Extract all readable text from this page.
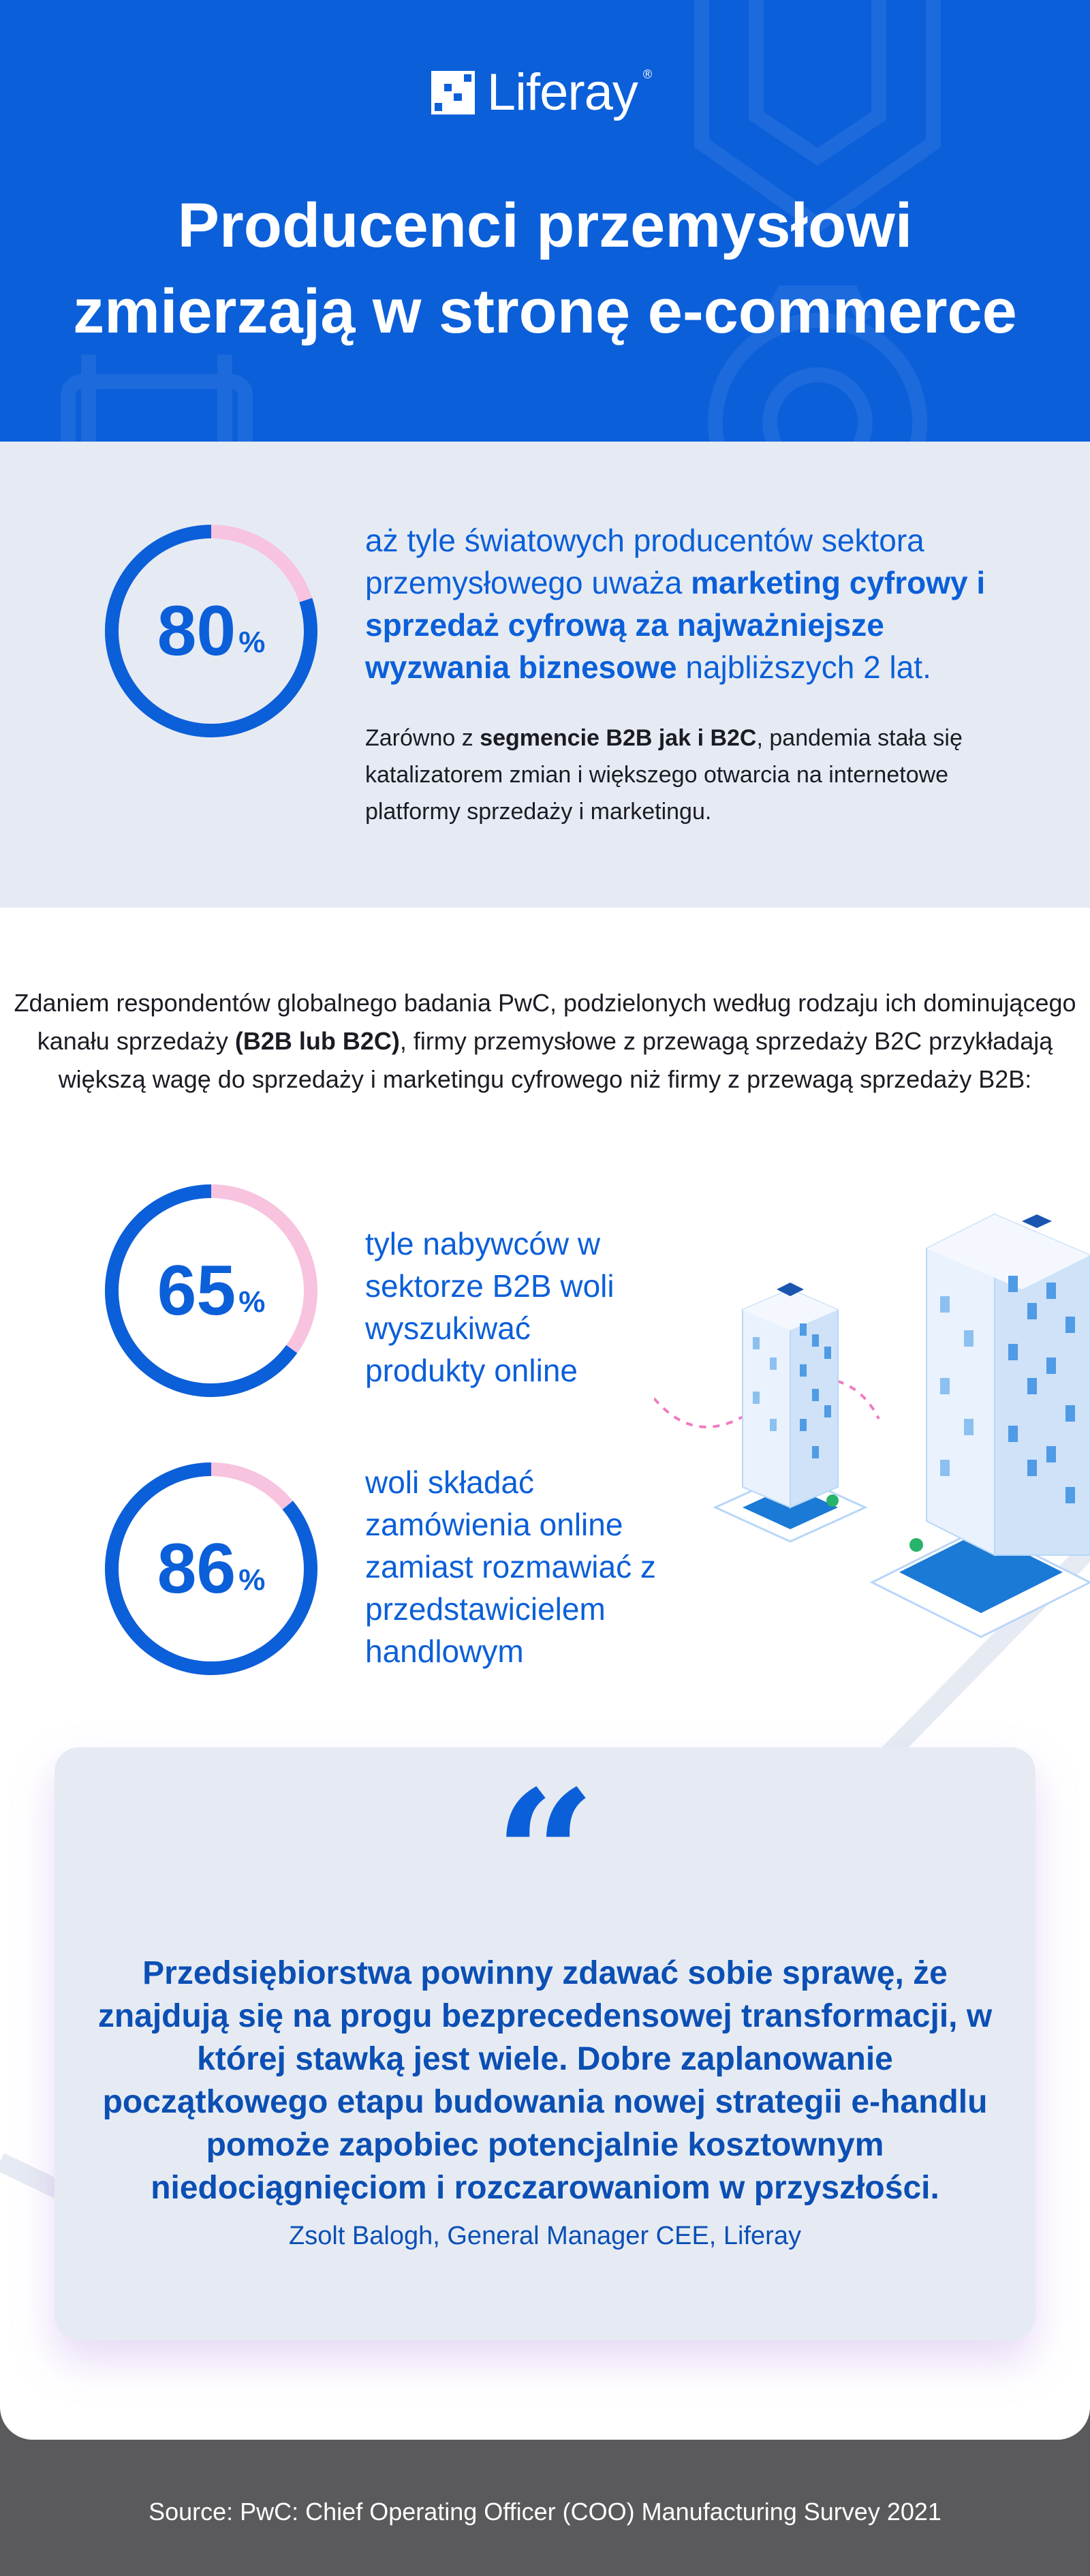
Liferay ®
Producenci przemysłowi
zmierzają w stronę e-commerce
80 %

aż tyle światowych producentów sektora przemysłowego uważa marketing cyfrowy i sprzedaż cyfrową za najważniejsze wyzwania biznesowe najbliższych 2 lat.

Zarówno z segmencie B2B jak i B2C, pandemia stała się katalizatorem zmian i większego otwarcia na internetowe platformy sprzedaży i marketingu.

Zdaniem respondentów globalnego badania PwC, podzielonych według rodzaju ich dominującego kanału sprzedaży (B2B lub B2C), firmy przemysłowe z przewagą sprzedaży B2C przykładają większą wagę do sprzedaży i marketingu cyfrowego niż firmy z przewagą sprzedaży B2B:

65 %

tyle nabywców w sektorze B2B woli wyszukiwać produkty online

86 %

woli składać zamówienia online zamiast rozmawiać z przedstawicielem handlowym

“

Przedsiębiorstwa powinny zdawać sobie sprawę, że znajdują się na progu bezprecedensowej transformacji, w której stawką jest wiele. Dobre zaplanowanie początkowego etapu budowania nowej strategii e-handlu pomoże zapobiec potencjalnie kosztownym niedociągnięciom i rozczarowaniom w przyszłości.

Zsolt Balogh, General Manager CEE, Liferay

Source: PwC: Chief Operating Officer (COO) Manufacturing Survey 2021
